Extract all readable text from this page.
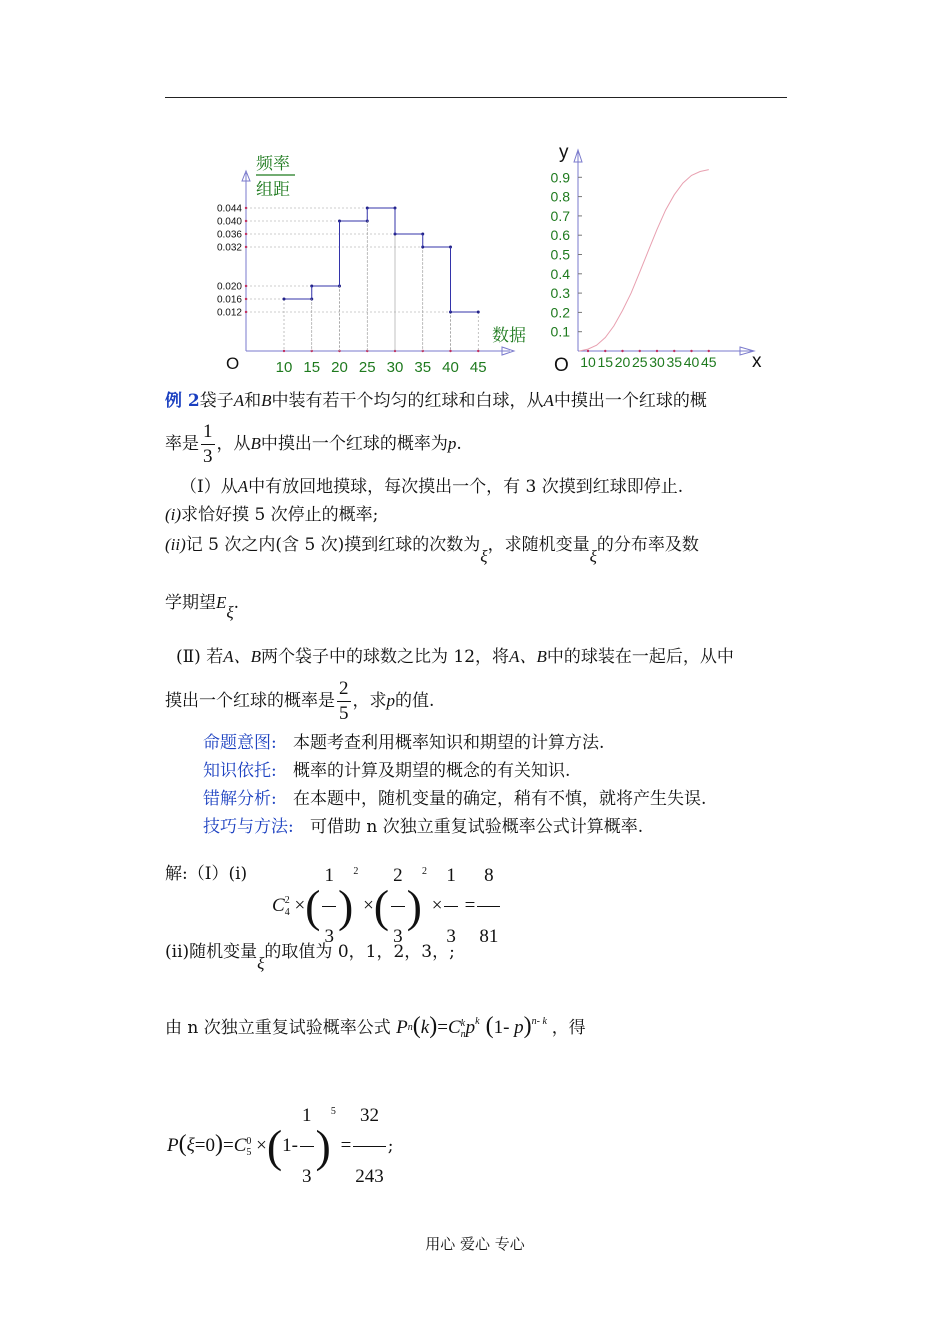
频率
组距
数据
O 10 15 20 25 30 35 40 45
0.044
0.040
0.036
0.032
0.020
0.016
0.012
y
x
O
0.1
0.2
0.3
0.4
0.5
0.6
0.7
0.8
0.9
10 15 20 25 30 35 40 45
例 2袋子A和B中装有若干个均匀的红球和白球，从A中摸出一个红球的概
率是 $\frac{1}{3}$ ，从B中摸出一个红球的概率为p.
（Ⅰ）从A中有放回地摸球，每次摸出一个，有 3 次摸到红球即停止.
(i)求恰好摸 5 次停止的概率;
(ii)记 5 次之内(含 5 次)摸到红球的次数为ξ，求随机变量ξ的分布率及数
学期望Eξ.
(Ⅱ) 若A、B两个袋子中的球数之比为 12，将A、B中的球装在一起后，从中
摸出一个红球的概率是 $\frac{2}{5}$ ，求p的值.
命题意图: 本题考查利用概率知识和期望的计算方法.
知识依托: 概率的计算及期望的概念的有关知识.
错解分析: 在本题中，随机变量的确定，稍有不慎，就将产生失误.
技巧与方法: 可借助 n 次独立重复试验概率公式计算概率.
解:（Ⅰ）(i)
C 2
4 ×( $\frac{1}{3} )^2$ ×( $\frac{2}{3} )^2 \times \frac{1}{3} = \frac{8}{81}$
(ii)随机变量ξ的取值为 0，1，2，3，;
由 n 次独立重复试验概率公式 Pn(k)=C k
n $p^k$ (1- p)$^{n- k}$ ，得
P(ξ=0)=C 0
$5 \times(1- \frac{1}{3} )^5 = \frac{32}{243}$ ;
用心 爱心 专心
